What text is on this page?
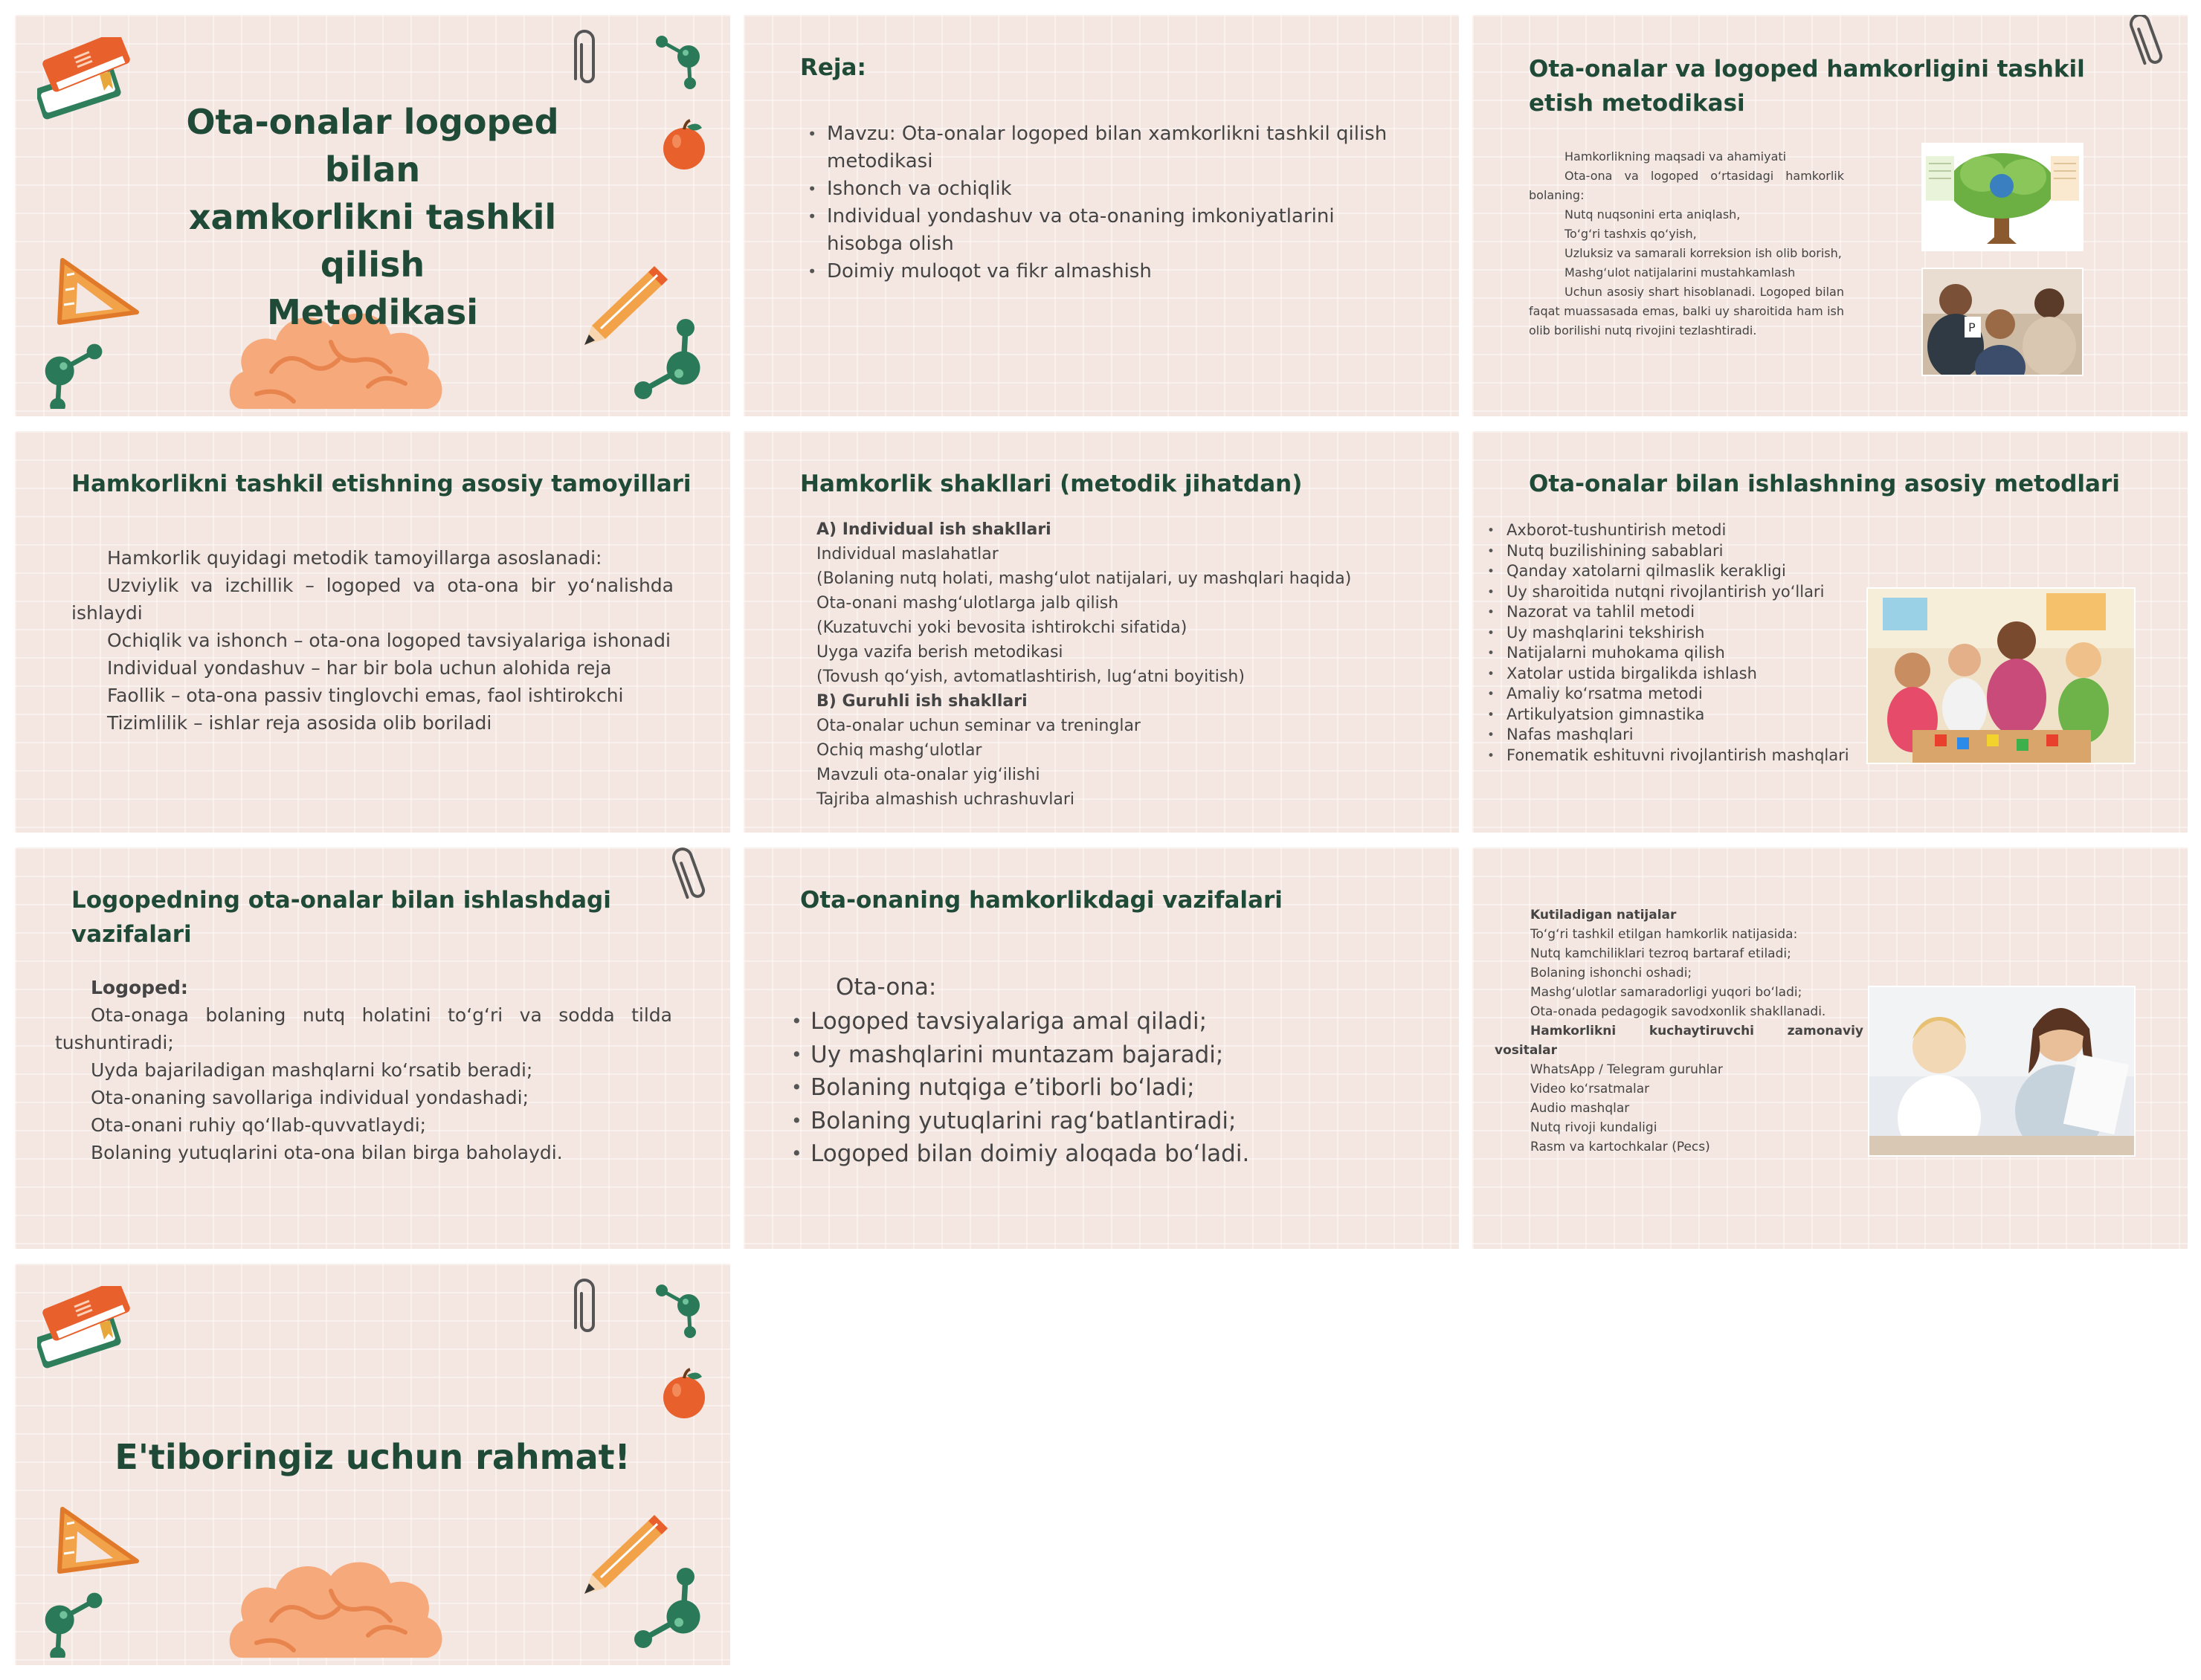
Ota-onalar logoped bilan
xamkorlikni tashkil qilish
Metodikasi
Reja:
• Mavzu: Ota-onalar logoped bilan xamkorlikni tashkil qilish metodikasi
• Ishonch va ochiqlik
• Individual yondashuv va ota-onaning imkoniyatlarini hisobga olish
• Doimiy muloqot va fikr almashish
Ota-onalar va logoped hamkorligini tashkil etish metodikasi

Hamkorlikning maqsadi va ahamiyati

Ota-ona va logoped o‘rtasidagi hamkorlik bolaning:

Nutq nuqsonini erta aniqlash,

To‘g‘ri tashxis qo‘yish,

Uzluksiz va samarali korreksion ish olib borish,

Mashg‘ulot natijalarini mustahkamlash

Uchun asosiy shart hisoblanadi. Logoped bilan faqat muassasada emas, balki uy sharoitida ham ish olib borilishi nutq rivojini tezlashtiradi.	P
Hamkorlikni tashkil etishning asosiy tamoyillari

Hamkorlik quyidagi metodik tamoyillarga asoslanadi:

Uzviylik va izchillik – logoped va ota-ona bir yo‘nalishda ishlaydi

Ochiqlik va ishonch – ota-ona logoped tavsiyalariga ishonadi

Individual yondashuv – har bir bola uchun alohida reja

Faollik – ota-ona passiv tinglovchi emas, faol ishtirokchi

Tizimlilik – ishlar reja asosida olib boriladi

Hamkorlik shakllari (metodik jihatdan)

A) Individual ish shakllari

Individual maslahatlar

(Bolaning nutq holati, mashg‘ulot natijalari, uy mashqlari haqida)

Ota-onani mashg‘ulotlarga jalb qilish

(Kuzatuvchi yoki bevosita ishtirokchi sifatida)

Uyga vazifa berish metodikasi

(Tovush qo‘yish, avtomatlashtirish, lug‘atni boyitish)

B) Guruhli ish shakllari

Ota-onalar uchun seminar va treninglar

Ochiq mashg‘ulotlar

Mavzuli ota-onalar yig‘ilishi

Tajriba almashish uchrashuvlari

Ota-onalar bilan ishlashning asosiy metodlari
• Axborot-tushuntirish metodi
• Nutq buzilishining sabablari
• Qanday xatolarni qilmaslik kerakligi
• Uy sharoitida nutqni rivojlantirish yo‘llari
• Nazorat va tahlil metodi
• Uy mashqlarini tekshirish
• Natijalarni muhokama qilish
• Xatolar ustida birgalikda ishlash
• Amaliy ko‘rsatma metodi
• Artikulyatsion gimnastika
• Nafas mashqlari
• Fonematik eshituvni rivojlantirish mashqlari
Logopedning ota-onalar bilan ishlashdagi vazifalari

Logoped:

Ota-onaga bolaning nutq holatini to‘g‘ri va sodda tilda tushuntiradi;

Uyda bajariladigan mashqlarni ko‘rsatib beradi;

Ota-onaning savollariga individual yondashadi;

Ota-onani ruhiy qo‘llab-quvvatlaydi;

Bolaning yutuqlarini ota-ona bilan birga baholaydi.

Ota-onaning hamkorlikdagi vazifalari
Ota-ona:
• Logoped tavsiyalariga amal qiladi;
• Uy mashqlarini muntazam bajaradi;
• Bolaning nutqiga e’tiborli bo‘ladi;
• Bolaning yutuqlarini rag‘batlantiradi;
• Logoped bilan doimiy aloqada bo‘ladi.

Kutiladigan natijalar

To‘g‘ri tashkil etilgan hamkorlik natijasida:

Nutq kamchiliklari tezroq bartaraf etiladi;

Bolaning ishonchi oshadi;

Mashg‘ulotlar samaradorligi yuqori bo‘ladi;

Ota-onada pedagogik savodxonlik shakllanadi.

Hamkorlikni kuchaytiruvchi zamonaviy vositalar

WhatsApp / Telegram guruhlar

Video ko‘rsatmalar

Audio mashqlar

Nutq rivoji kundaligi

Rasm va kartochkalar (Pecs)

E'tiboringiz uchun rahmat!
